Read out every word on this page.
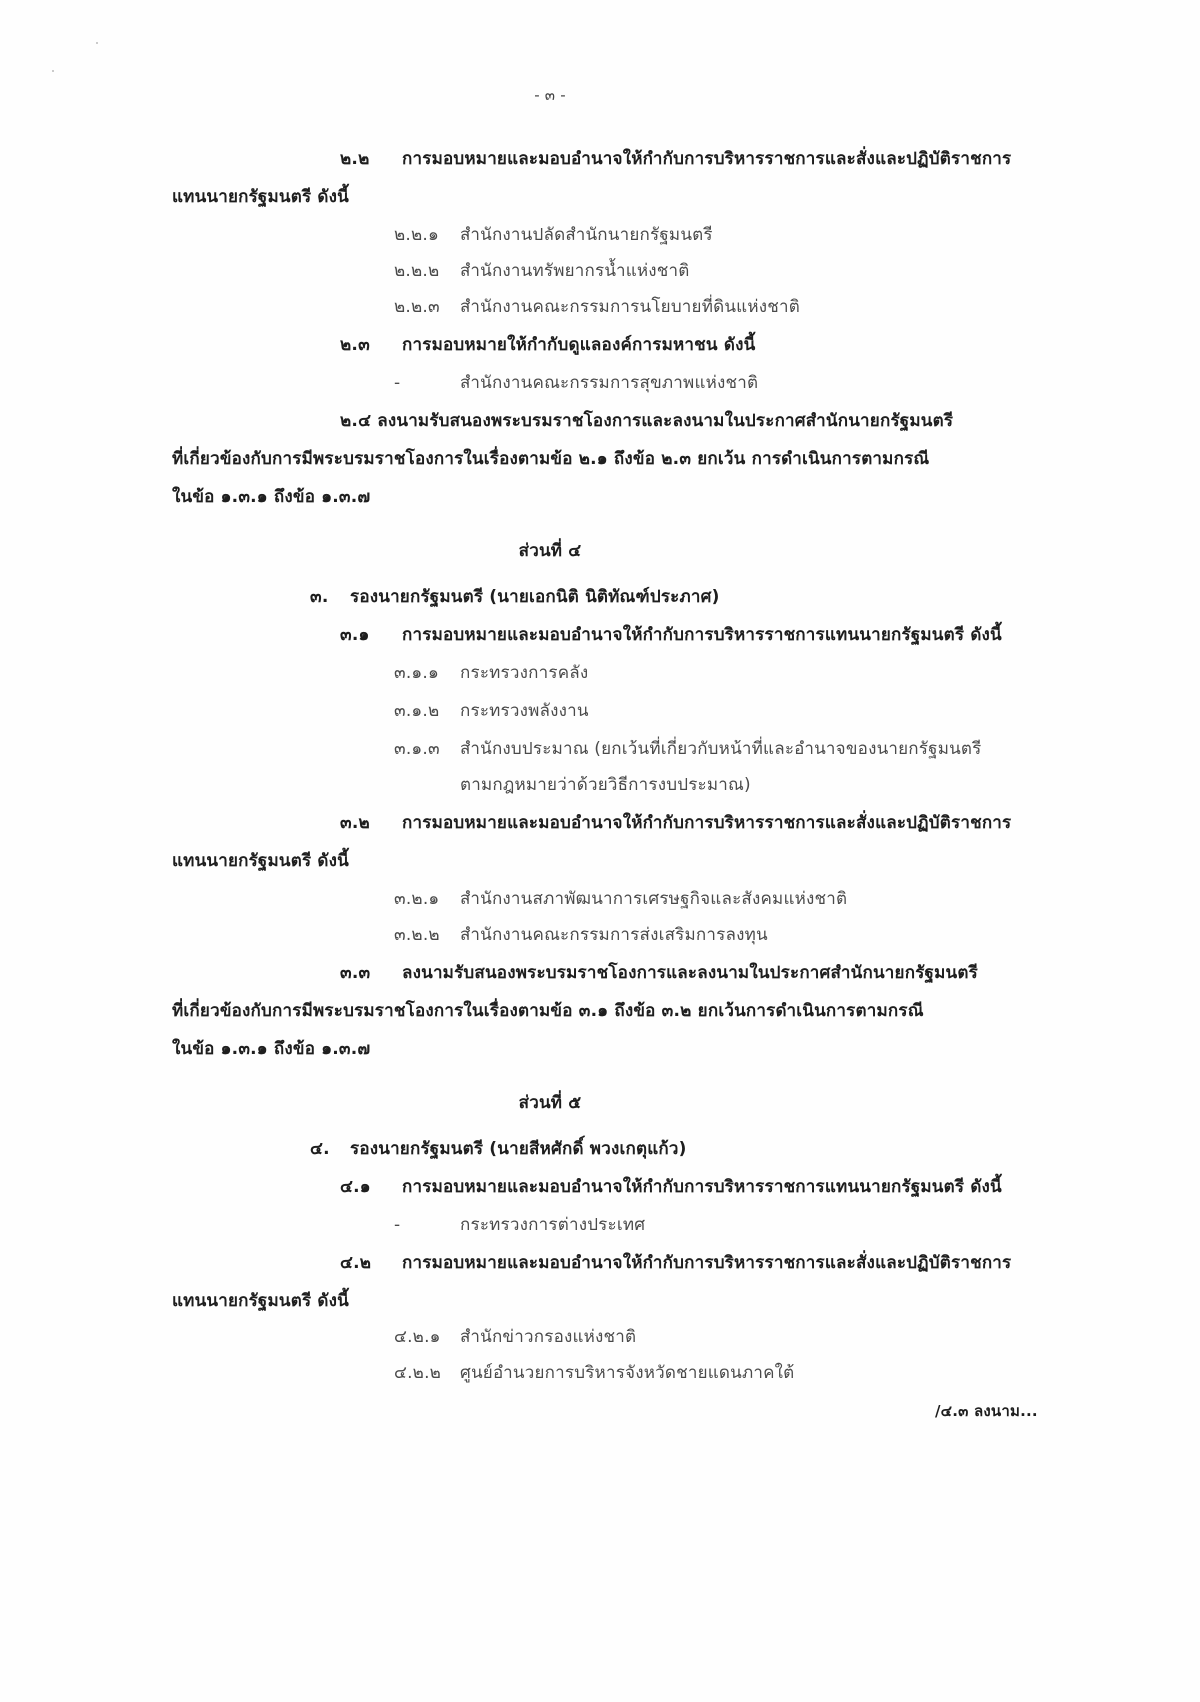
- ๓ -
๒.๒ การมอบหมายและมอบอำนาจให้กำกับการบริหารราชการและสั่งและปฏิบัติราชการ
แทนนายกรัฐมนตรี ดังนี้
๒.๒.๑ สำนักงานปลัดสำนักนายกรัฐมนตรี
๒.๒.๒ สำนักงานทรัพยากรน้ำแห่งชาติ
๒.๒.๓ สำนักงานคณะกรรมการนโยบายที่ดินแห่งชาติ
๒.๓ การมอบหมายให้กำกับดูแลองค์การมหาชน ดังนี้
-	สำนักงานคณะกรรมการสุขภาพแห่งชาติ
๒.๔ ลงนามรับสนองพระบรมราชโองการและลงนามในประกาศสำนักนายกรัฐมนตรี
ที่เกี่ยวข้องกับการมีพระบรมราชโองการในเรื่องตามข้อ ๒.๑ ถึงข้อ ๒.๓ ยกเว้น การดำเนินการตามกรณี
ในข้อ ๑.๓.๑ ถึงข้อ ๑.๓.๗
ส่วนที่ ๔
๓. รองนายกรัฐมนตรี (นายเอกนิติ นิติทัณฑ์ประภาศ)
๓.๑ การมอบหมายและมอบอำนาจให้กำกับการบริหารราชการแทนนายกรัฐมนตรี ดังนี้
๓.๑.๑ กระทรวงการคลัง
๓.๑.๒ กระทรวงพลังงาน
๓.๑.๓ สำนักงบประมาณ (ยกเว้นที่เกี่ยวกับหน้าที่และอำนาจของนายกรัฐมนตรี
ตามกฎหมายว่าด้วยวิธีการงบประมาณ)
๓.๒ การมอบหมายและมอบอำนาจให้กำกับการบริหารราชการและสั่งและปฏิบัติราชการ
แทนนายกรัฐมนตรี ดังนี้
๓.๒.๑ สำนักงานสภาพัฒนาการเศรษฐกิจและสังคมแห่งชาติ
๓.๒.๒ สำนักงานคณะกรรมการส่งเสริมการลงทุน
๓.๓ ลงนามรับสนองพระบรมราชโองการและลงนามในประกาศสำนักนายกรัฐมนตรี
ที่เกี่ยวข้องกับการมีพระบรมราชโองการในเรื่องตามข้อ ๓.๑ ถึงข้อ ๓.๒ ยกเว้นการดำเนินการตามกรณี
ในข้อ ๑.๓.๑ ถึงข้อ ๑.๓.๗
ส่วนที่ ๕
๔. รองนายกรัฐมนตรี (นายสีหศักดิ์ พวงเกตุแก้ว)
๔.๑ การมอบหมายและมอบอำนาจให้กำกับการบริหารราชการแทนนายกรัฐมนตรี ดังนี้
-	กระทรวงการต่างประเทศ
๔.๒ การมอบหมายและมอบอำนาจให้กำกับการบริหารราชการและสั่งและปฏิบัติราชการ
แทนนายกรัฐมนตรี ดังนี้
๔.๒.๑ สำนักข่าวกรองแห่งชาติ
๔.๒.๒ ศูนย์อำนวยการบริหารจังหวัดชายแดนภาคใต้
/๔.๓ ลงนาม...
